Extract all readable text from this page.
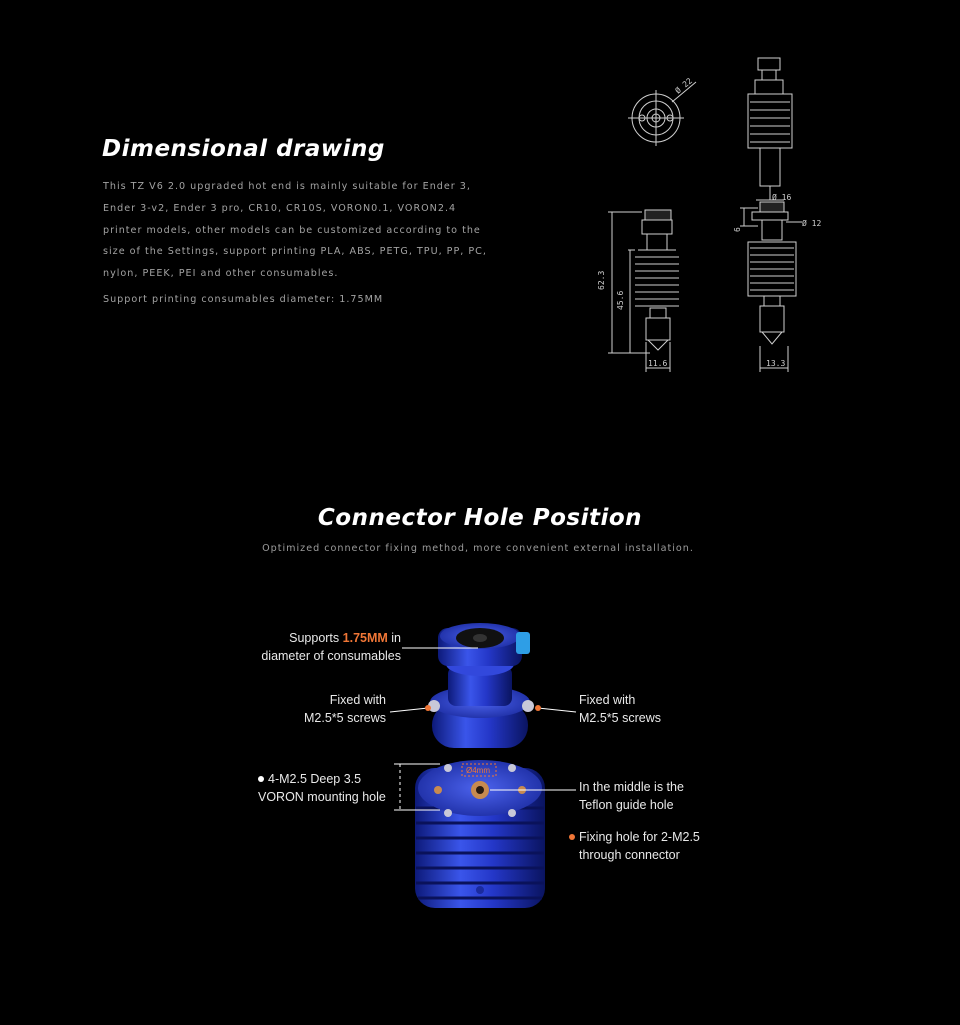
Dimensional drawing
This TZ V6 2.0 upgraded hot end is mainly suitable for Ender 3,
Ender 3-v2, Ender 3 pro, CR10, CR10S, VORON0.1, VORON2.4
printer models, other models can be customized according to the
size of the Settings, support printing PLA, ABS, PETG, TPU, PP, PC,
nylon, PEEK, PEI and other consumables.
Support printing consumables diameter: 1.75MM
Ø 22
62.3
45.6
11.6
Ø 16
Ø 12
6
13.3
Connector Hole Position
Optimized connector fixing method, more convenient external installation.
Ø4mm
Supports 1.75MM in
diameter of consumables
Fixed with
M2.5*5 screws
Fixed with
M2.5*5 screws
4-M2.5 Deep 3.5
VORON mounting hole
In the middle is the
Teflon guide hole
Fixing hole for 2-M2.5
through connector
